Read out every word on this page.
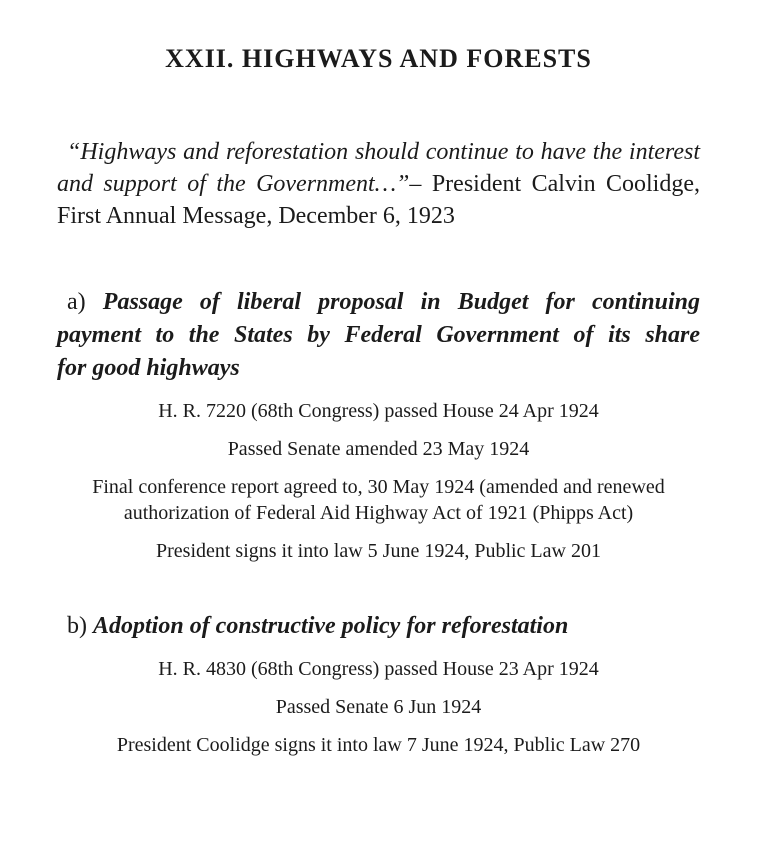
XXII. HIGHWAYS AND FORESTS
“Highways and reforestation should continue to have the interest
and support of the Government…”– President Calvin Coolidge,
First Annual Message, December 6, 1923
a) Passage of liberal proposal in Budget for continuing
payment to the States by Federal Government of its share
for good highways

H. R. 7220 (68th Congress) passed House 24 Apr 1924

Passed Senate amended 23 May 1924

Final conference report agreed to, 30 May 1924 (amended and renewed
authorization of Federal Aid Highway Act of 1921 (Phipps Act)

President signs it into law 5 June 1924, Public Law 201

b) Adoption of constructive policy for reforestation

H. R. 4830 (68th Congress) passed House 23 Apr 1924

Passed Senate 6 Jun 1924

President Coolidge signs it into law 7 June 1924, Public Law 270
